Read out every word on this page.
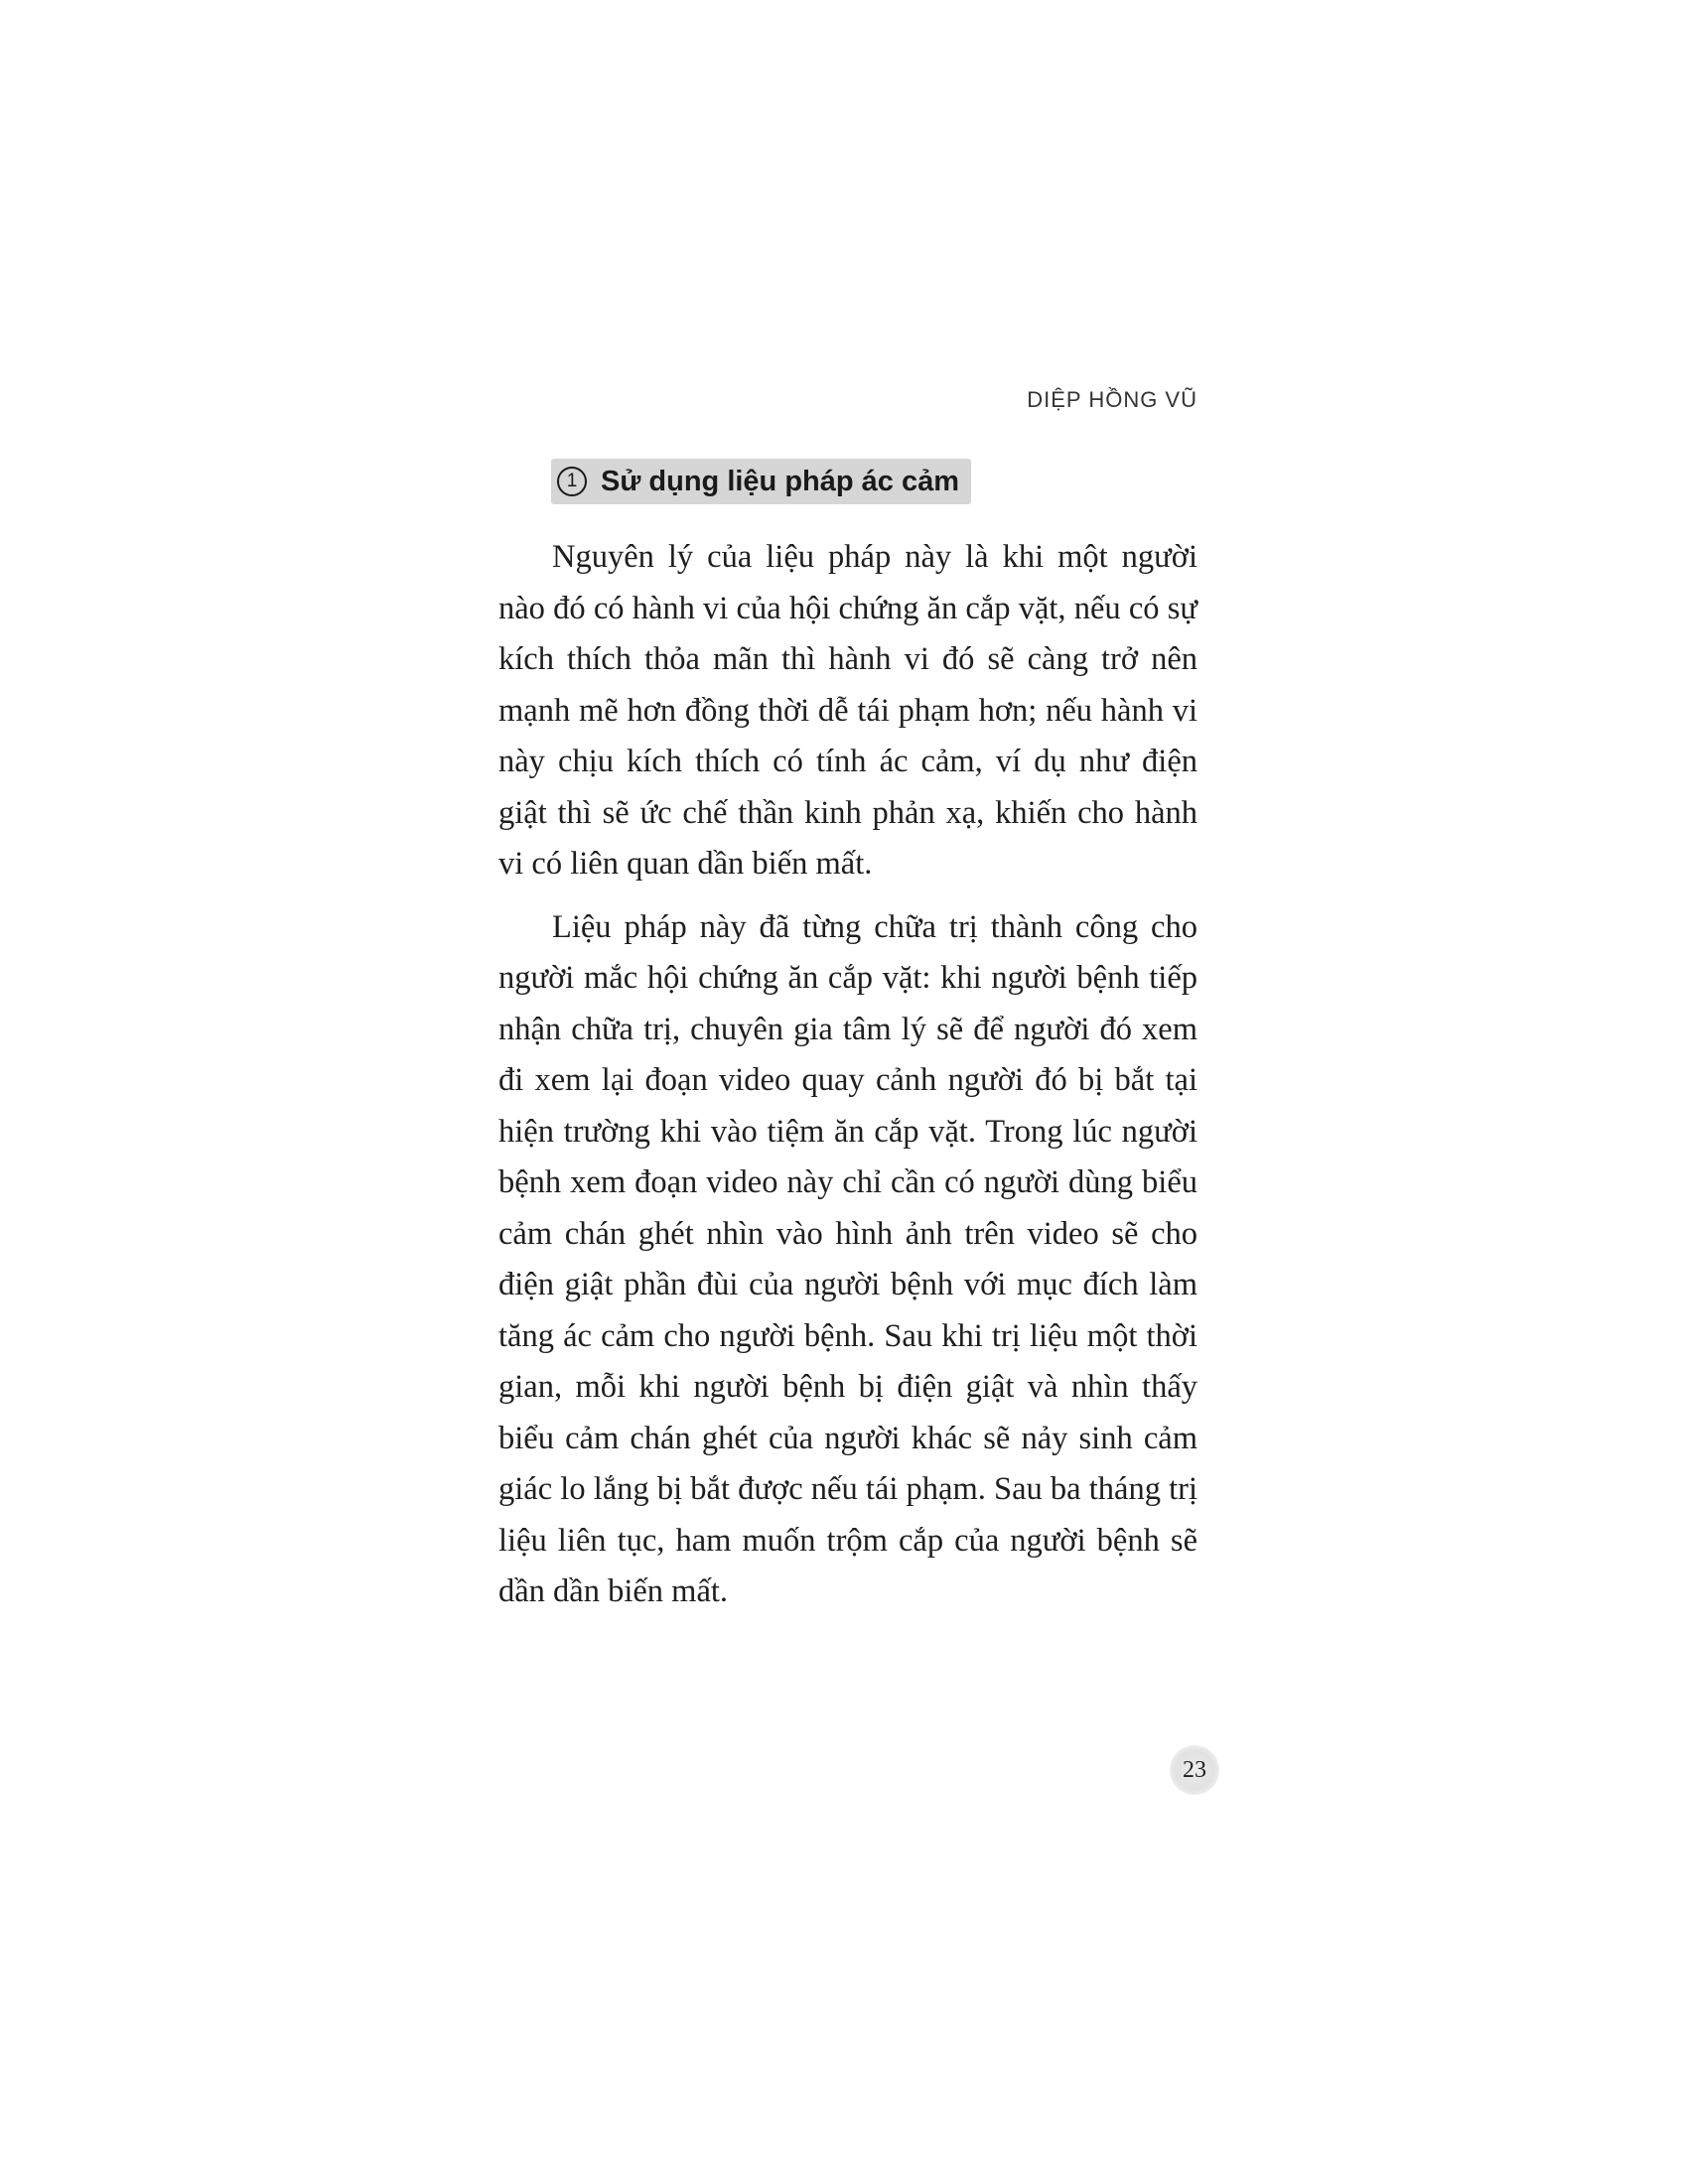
DIỆP HỒNG VŨ
1 Sử dụng liệu pháp ác cảm

Nguyên lý của liệu pháp này là khi một người nào đó có hành vi của hội chứng ăn cắp vặt, nếu có sự kích thích thỏa mãn thì hành vi đó sẽ càng trở nên mạnh mẽ hơn đồng thời dễ tái phạm hơn; nếu hành vi này chịu kích thích có tính ác cảm, ví dụ như điện giật thì sẽ ức chế thần kinh phản xạ, khiến cho hành vi có liên quan dần biến mất.

Liệu pháp này đã từng chữa trị thành công cho người mắc hội chứng ăn cắp vặt: khi người bệnh tiếp nhận chữa trị, chuyên gia tâm lý sẽ để người đó xem đi xem lại đoạn video quay cảnh người đó bị bắt tại hiện trường khi vào tiệm ăn cắp vặt. Trong lúc người bệnh xem đoạn video này chỉ cần có người dùng biểu cảm chán ghét nhìn vào hình ảnh trên video sẽ cho điện giật phần đùi của người bệnh với mục đích làm tăng ác cảm cho người bệnh. Sau khi trị liệu một thời gian, mỗi khi người bệnh bị điện giật và nhìn thấy biểu cảm chán ghét của người khác sẽ nảy sinh cảm giác lo lắng bị bắt được nếu tái phạm. Sau ba tháng trị liệu liên tục, ham muốn trộm cắp của người bệnh sẽ dần dần biến mất.

23
